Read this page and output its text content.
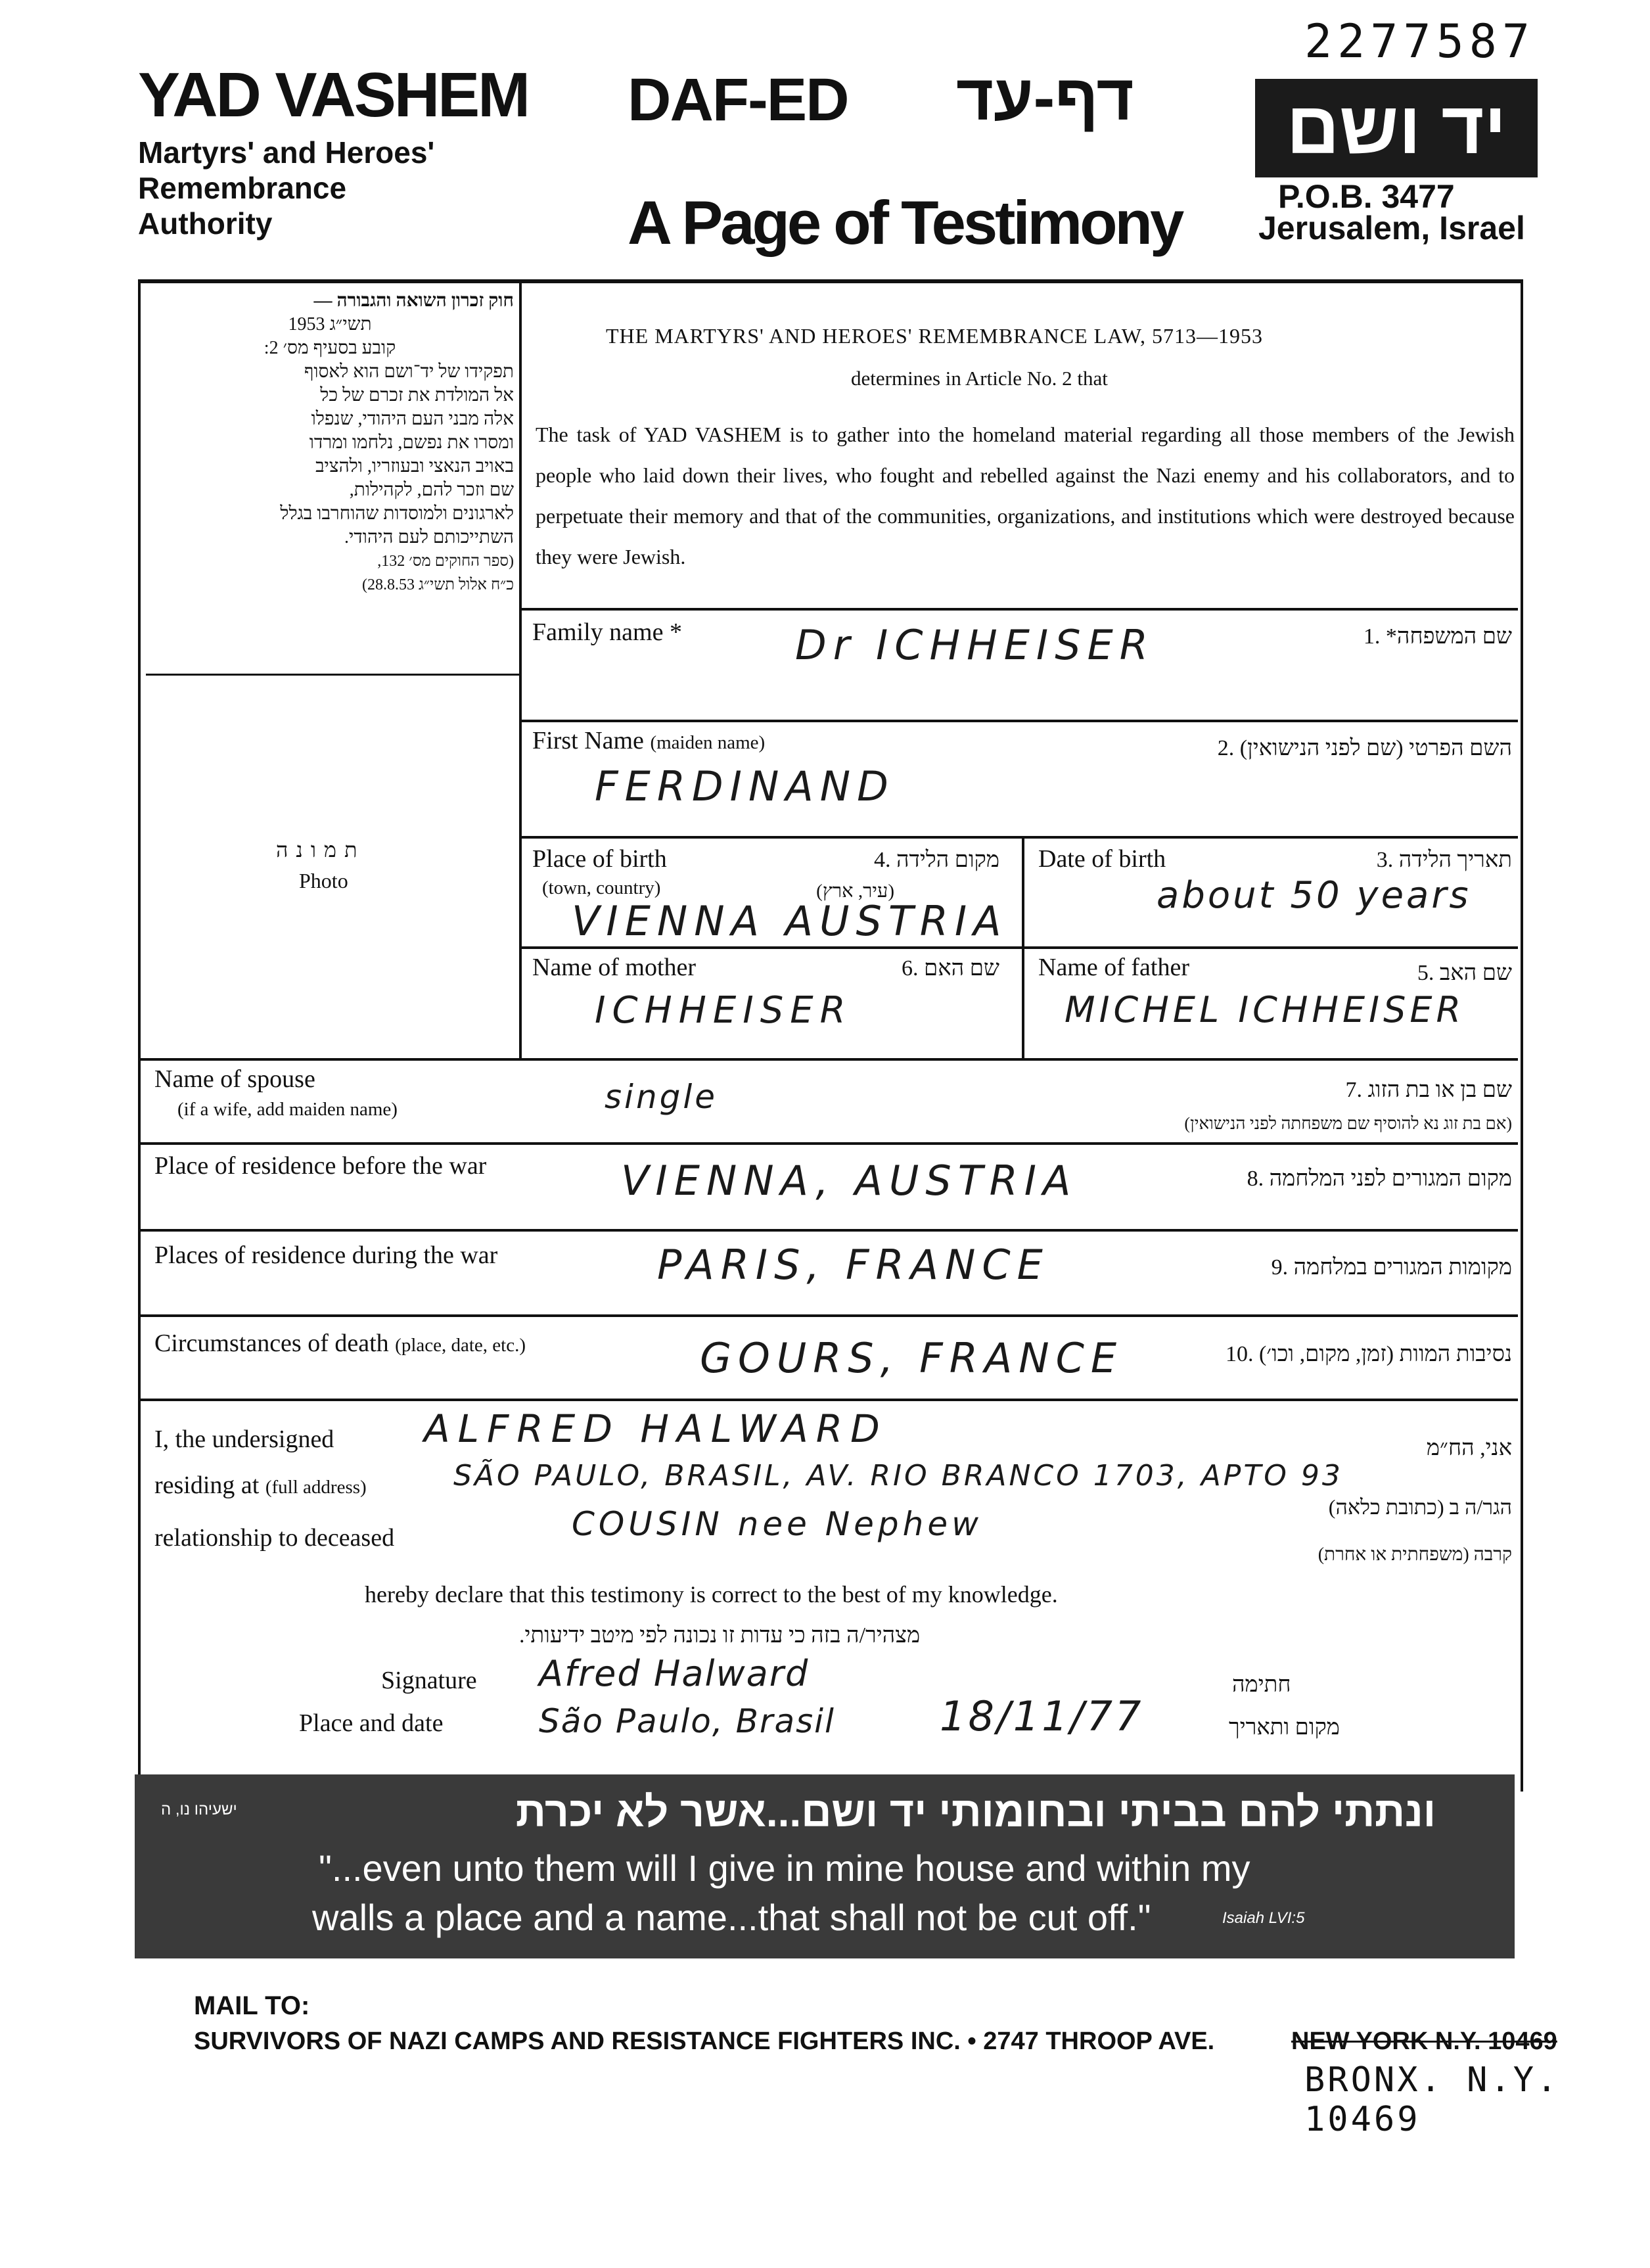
2277587
YAD VASHEM
Martyrs' and Heroes'
Remembrance
Authority
DAF-ED דף-עד
A Page of Testimony
יד ושם
P.O.B. 3477
Jerusalem, Israel
חוק זכרון השואה והגבורה —
תשי״ג 1953
קובע בסעיף מס׳ 2:
תפקידו של יד־ושם הוא לאסוף
אל המולדת את זכרם של כל
אלה מבני העם היהודי, שנפלו
ומסרו את נפשם, נלחמו ומרדו
באויב הנאצי ובעוזריו, ולהציב
שם וזכר להם, לקהילות,
לארגונים ולמוסדות שהוחרבו בגלל
השתייכותם לעם היהודי.
(ספר החוקים מס׳ 132,
כ״ח אלול תשי״ג 28.8.53)
תמונה
Photo
THE MARTYRS' AND HEROES' REMEMBRANCE LAW, 5713—1953
determines in Article No. 2 that
The task of YAD VASHEM is to gather into the homeland material regarding all those members of the Jewish people who laid down their lives, who fought and rebelled against the Nazi enemy and his collaborators, and to perpetuate their memory and that of the communities, organizations, and institutions which were destroyed because they were Jewish.
Family name *	שם המשפחה* .1
Dr ICHHEISER
First Name (maiden name)	השם הפרטי (שם לפני הנישואין) .2
FERDINAND
Place of birth
(town, country)
מקום הלידה .4
(עיר, ארץ)
VIENNA AUSTRIA
Date of birth	תאריך הלידה .3
about 50 years
Name of mother	שם האם .6
ICHHEISER
Name of father	שם האב .5
MICHEL ICHHEISER
Name of spouse
(if a wife, add maiden name)
שם בן או בת הזוג .7
(אם בת זוג נא להוסיף שם משפחתה לפני הנישואין)
single
Place of residence before the war	מקום המגורים לפני המלחמה .8
VIENNA, AUSTRIA
Places of residence during the war	מקומות המגורים במלחמה .9
PARIS, FRANCE
Circumstances of death (place, date, etc.)	נסיבות המוות (זמן, מקום, וכו׳) .10
GOURS, FRANCE
I, the undersigned ALFRED HALWARD	אני, הח״מ
residing at (full address)	SÃO PAULO, BRASIL, AV. RIO BRANCO 1703, APTO 93
הגר/ה ב (כתובת כלאה)
relationship to deceased	COUSIN nee Nephew
קרבה (משפחתית או אחרת)
hereby declare that this testimony is correct to the best of my knowledge.
מצהיר/ה בזה כי עדות זו נכונה לפי מיטב ידיעותי.
Signature Afred Halward	חתימה
Place and date	São Paulo, Brasil	18/11/77	מקום ותאריך
ונתתי להם בביתי ובחומותי יד ושם...אשר לא יכרת
ישעיהו נו, ה
"...even unto them will I give in mine house and within my
walls a place and a name...that shall not be cut off."	Isaiah LVI:5
MAIL TO:
SURVIVORS OF NAZI CAMPS AND RESISTANCE FIGHTERS INC. • 2747 THROOP AVE.	NEW YORK N.Y. 10469
BRONX. N.Y. 10469
